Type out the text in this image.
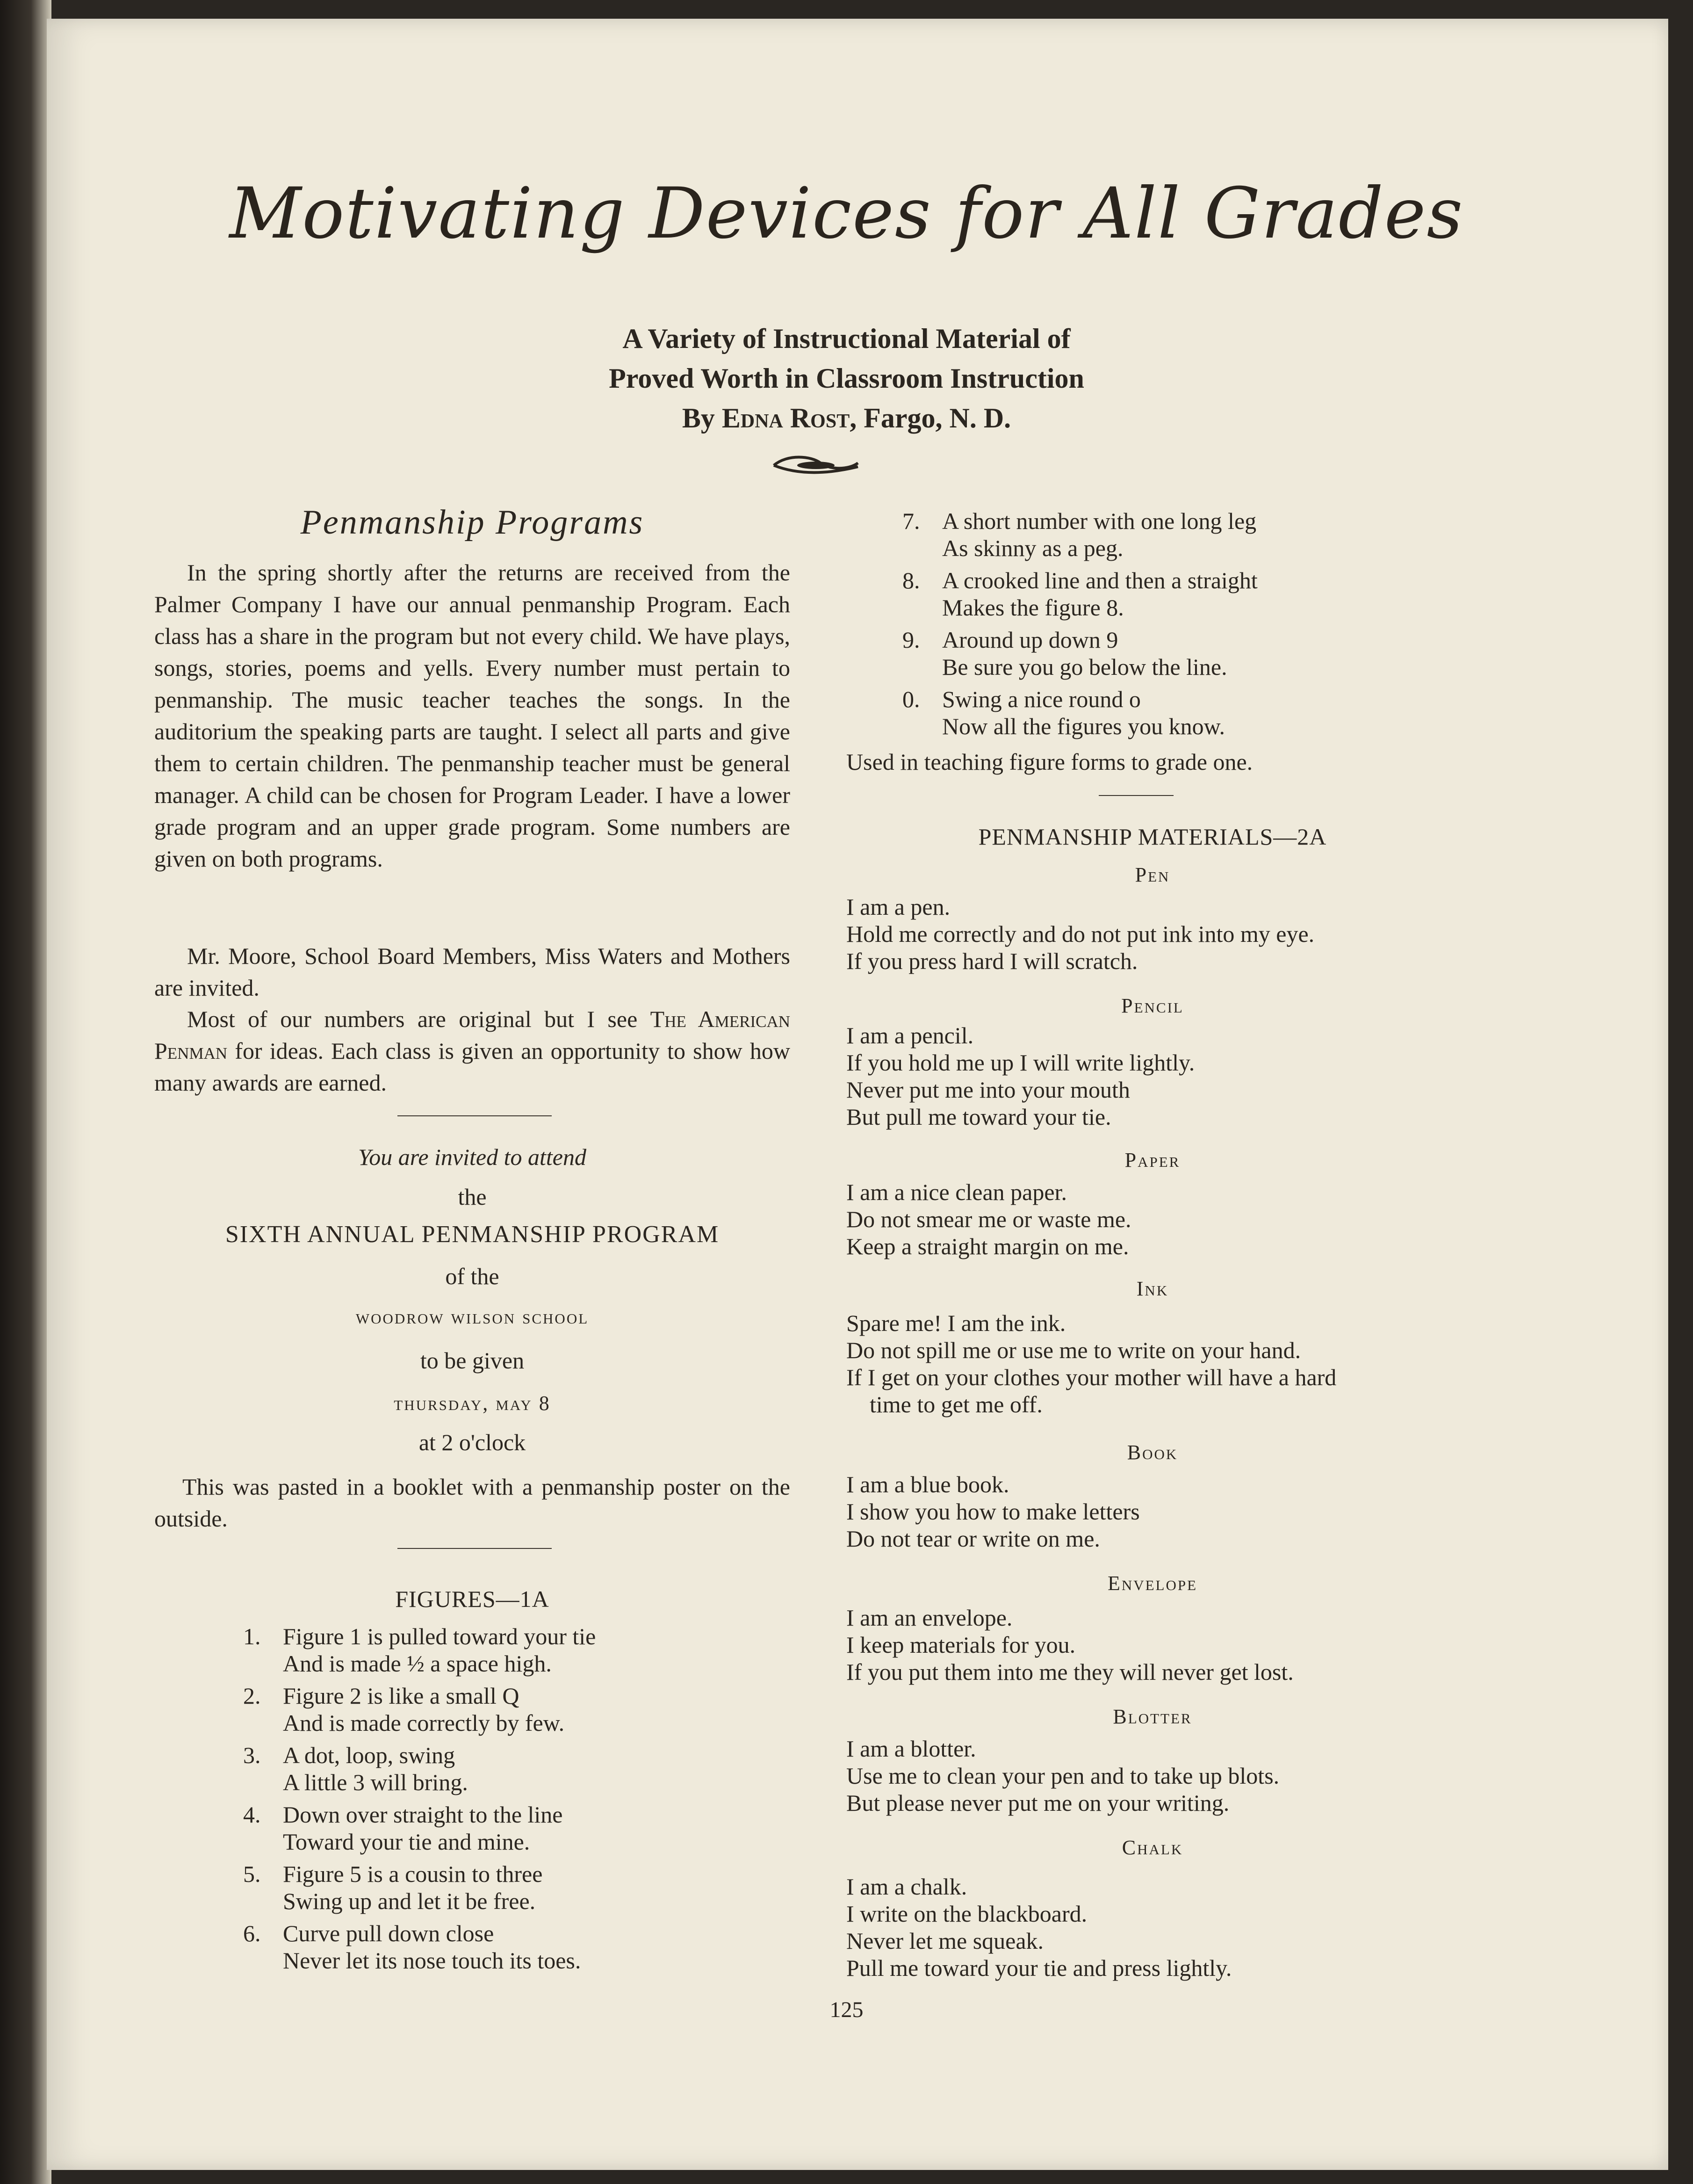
Motivating Devices for All Grades
A Variety of Instructional Material of
Proved Worth in Classroom Instruction
By Edna Rost, Fargo, N. D.
Penmanship Programs
In the spring shortly after the returns are received from the Palmer Company I have our annual penmanship Program. Each class has a share in the program but not every child. We have plays, songs, stories, poems and yells. Every number must pertain to penmanship. The music teacher teaches the songs. In the auditorium the speaking parts are taught. I select all parts and give them to certain children. The penmanship teacher must be general manager. A child can be chosen for Program Leader. I have a lower grade program and an upper grade program. Some numbers are given on both programs.
Mr. Moore, School Board Members, Miss Waters and Mothers are invited.
Most of our numbers are original but I see The American Penman for ideas. Each class is given an opportunity to show how many awards are earned.
You are invited to attend
the
SIXTH ANNUAL PENMANSHIP PROGRAM
of the
woodrow wilson school
to be given
thursday, may 8
at 2 o'clock
This was pasted in a booklet with a penmanship poster on the outside.
FIGURES—1A
1. Figure 1 is pulled toward your tie
And is made ½ a space high.
2. Figure 2 is like a small Q
And is made correctly by few.
3. A dot, loop, swing
A little 3 will bring.
4. Down over straight to the line
Toward your tie and mine.
5. Figure 5 is a cousin to three
Swing up and let it be free.
6. Curve pull down close
Never let its nose touch its toes.
7. A short number with one long leg
As skinny as a peg.
8. A crooked line and then a straight
Makes the figure 8.
9. Around up down 9
Be sure you go below the line.
0. Swing a nice round o
Now all the figures you know.
Used in teaching figure forms to grade one.
PENMANSHIP MATERIALS—2A
Pen
I am a pen.
Hold me correctly and do not put ink into my eye.
If you press hard I will scratch.
Pencil
I am a pencil.
If you hold me up I will write lightly.
Never put me into your mouth
But pull me toward your tie.
Paper
I am a nice clean paper.
Do not smear me or waste me.
Keep a straight margin on me.
Ink
Spare me! I am the ink.
Do not spill me or use me to write on your hand.
If I get on your clothes your mother will have a hard
time to get me off.
Book
I am a blue book.
I show you how to make letters
Do not tear or write on me.
Envelope
I am an envelope.
I keep materials for you.
If you put them into me they will never get lost.
Blotter
I am a blotter.
Use me to clean your pen and to take up blots.
But please never put me on your writing.
Chalk
I am a chalk.
I write on the blackboard.
Never let me squeak.
Pull me toward your tie and press lightly.
125
